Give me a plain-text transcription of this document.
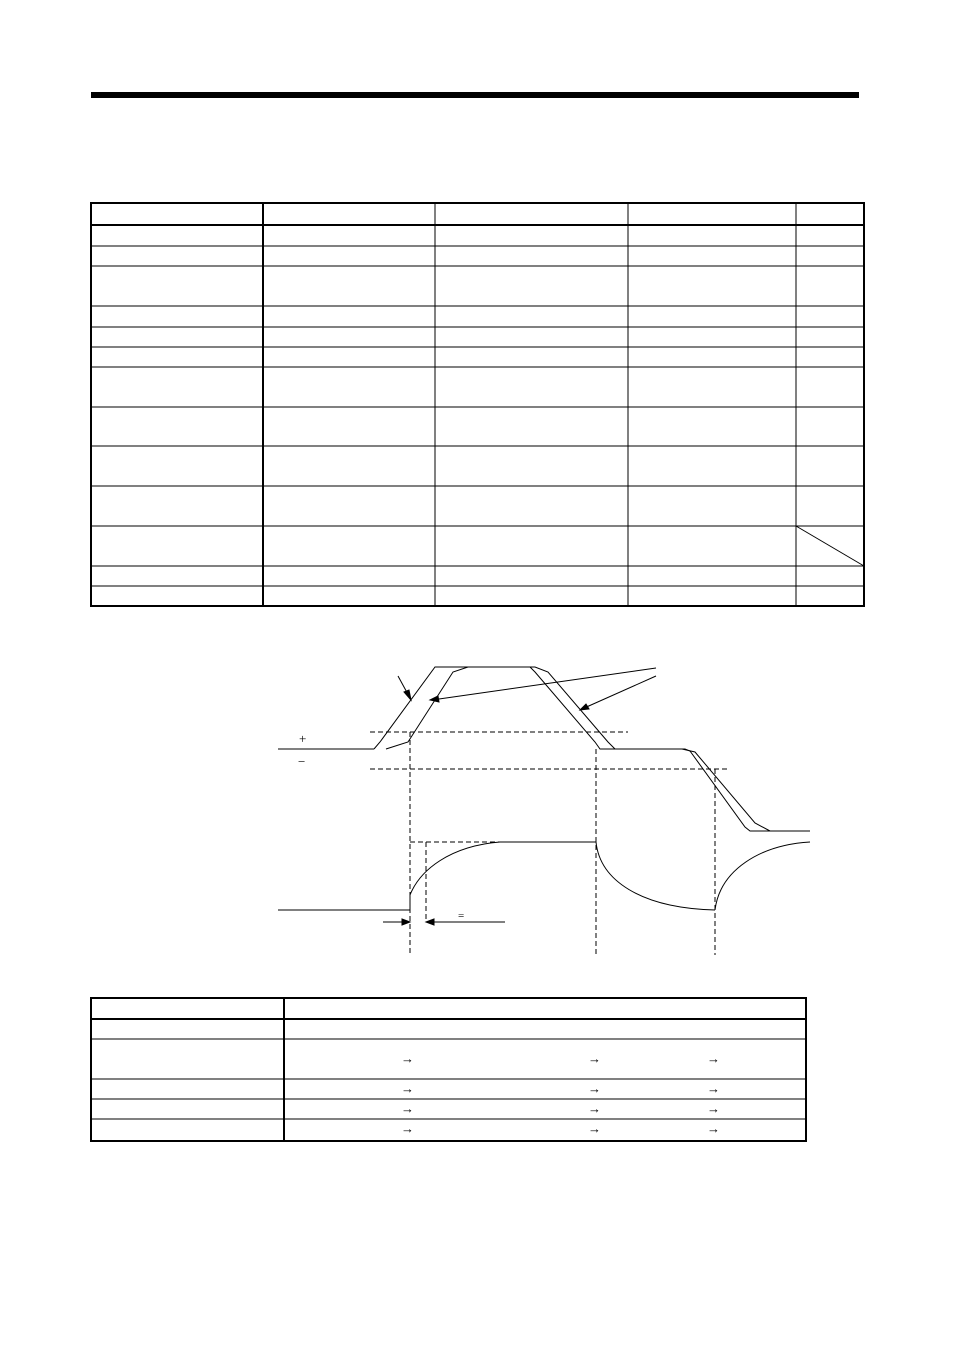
+
−
=
→	→	→
→	→	→
→	→	→
→	→	→
